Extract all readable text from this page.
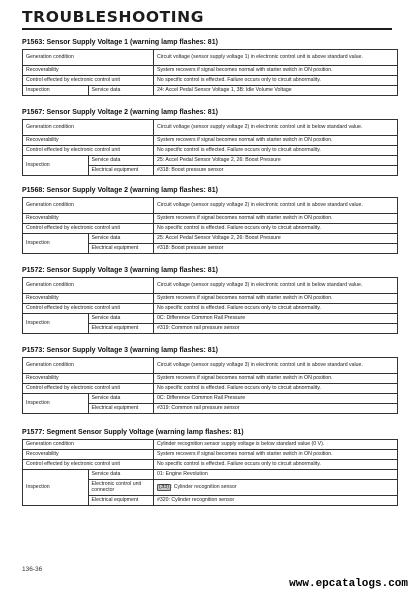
TROUBLESHOOTING
P1563: Sensor Supply Voltage 1 (warning lamp flashes: 81)
Generation condition		Circuit voltage (sensor supply voltage 1) in electronic control unit is above standard value.
Recoverability		System recovers if signal becomes normal with starter switch in ON position.
Control effected by electronic control unit		No specific control is effected. Failure occurs only to circuit abnormality.
Inspection	Service data	24: Accel Pedal Sensor Voltage 1, 3B: Idle Volume Voltage
P1567: Sensor Supply Voltage 2 (warning lamp flashes: 81)
Generation condition		Circuit voltage (sensor supply voltage 2) in electronic control unit is below standard value.
Recoverability		System recovers if signal becomes normal with starter switch in ON position.
Control effected by electronic control unit		No specific control is effected. Failure occurs only to circuit abnormality.
Inspection	Service data	25: Accel Pedal Sensor Voltage 2, 26: Boost Pressure
	Electrical equipment	#318: Boost pressure sensor
P1568: Sensor Supply Voltage 2 (warning lamp flashes: 81)
Generation condition		Circuit voltage (sensor supply voltage 2) in electronic control unit is above standard value.
Recoverability		System recovers if signal becomes normal with starter switch in ON position.
Control effected by electronic control unit		No specific control is effected. Failure occurs only to circuit abnormality.
Inspection	Service data	25: Accel Pedal Sensor Voltage 2, 26: Boost Pressure
	Electrical equipment	#318: Boost pressure sensor
P1572: Sensor Supply Voltage 3 (warning lamp flashes: 81)
Generation condition		Circuit voltage (sensor supply voltage 3) in electronic control unit is below standard value.
Recoverability		System recovers if signal becomes normal with starter switch in ON position.
Control effected by electronic control unit		No specific control is effected. Failure occurs only to circuit abnormality.
Inspection	Service data	0C: Difference Common Rail Pressure
	Electrical equipment	#319: Common rail pressure sensor
P1573: Sensor Supply Voltage 3 (warning lamp flashes: 81)
Generation condition		Circuit voltage (sensor supply voltage 3) in electronic control unit is above standard value.
Recoverability		System recovers if signal becomes normal with starter switch in ON position.
Control effected by electronic control unit		No specific control is effected. Failure occurs only to circuit abnormality.
Inspection	Service data	0C: Difference Common Rail Pressure
	Electrical equipment	#319: Common rail pressure sensor
P1577: Segment Sensor Supply Voltage (warning lamp flashes: 81)
Generation condition		Cylinder recognition sensor supply voltage is below standard value (0 V).
Recoverability		System recovers if signal becomes normal with starter switch in ON position.
Control effected by electronic control unit		No specific control is effected. Failure occurs only to circuit abnormality.
Inspection	Service data	01: Engine Revolution
	Electronic control unit connector	(ЭЗ) : Cylinder recognition sensor
	Electrical equipment	#320: Cylinder recognition sensor
136-36
www.epcatalogs.com
